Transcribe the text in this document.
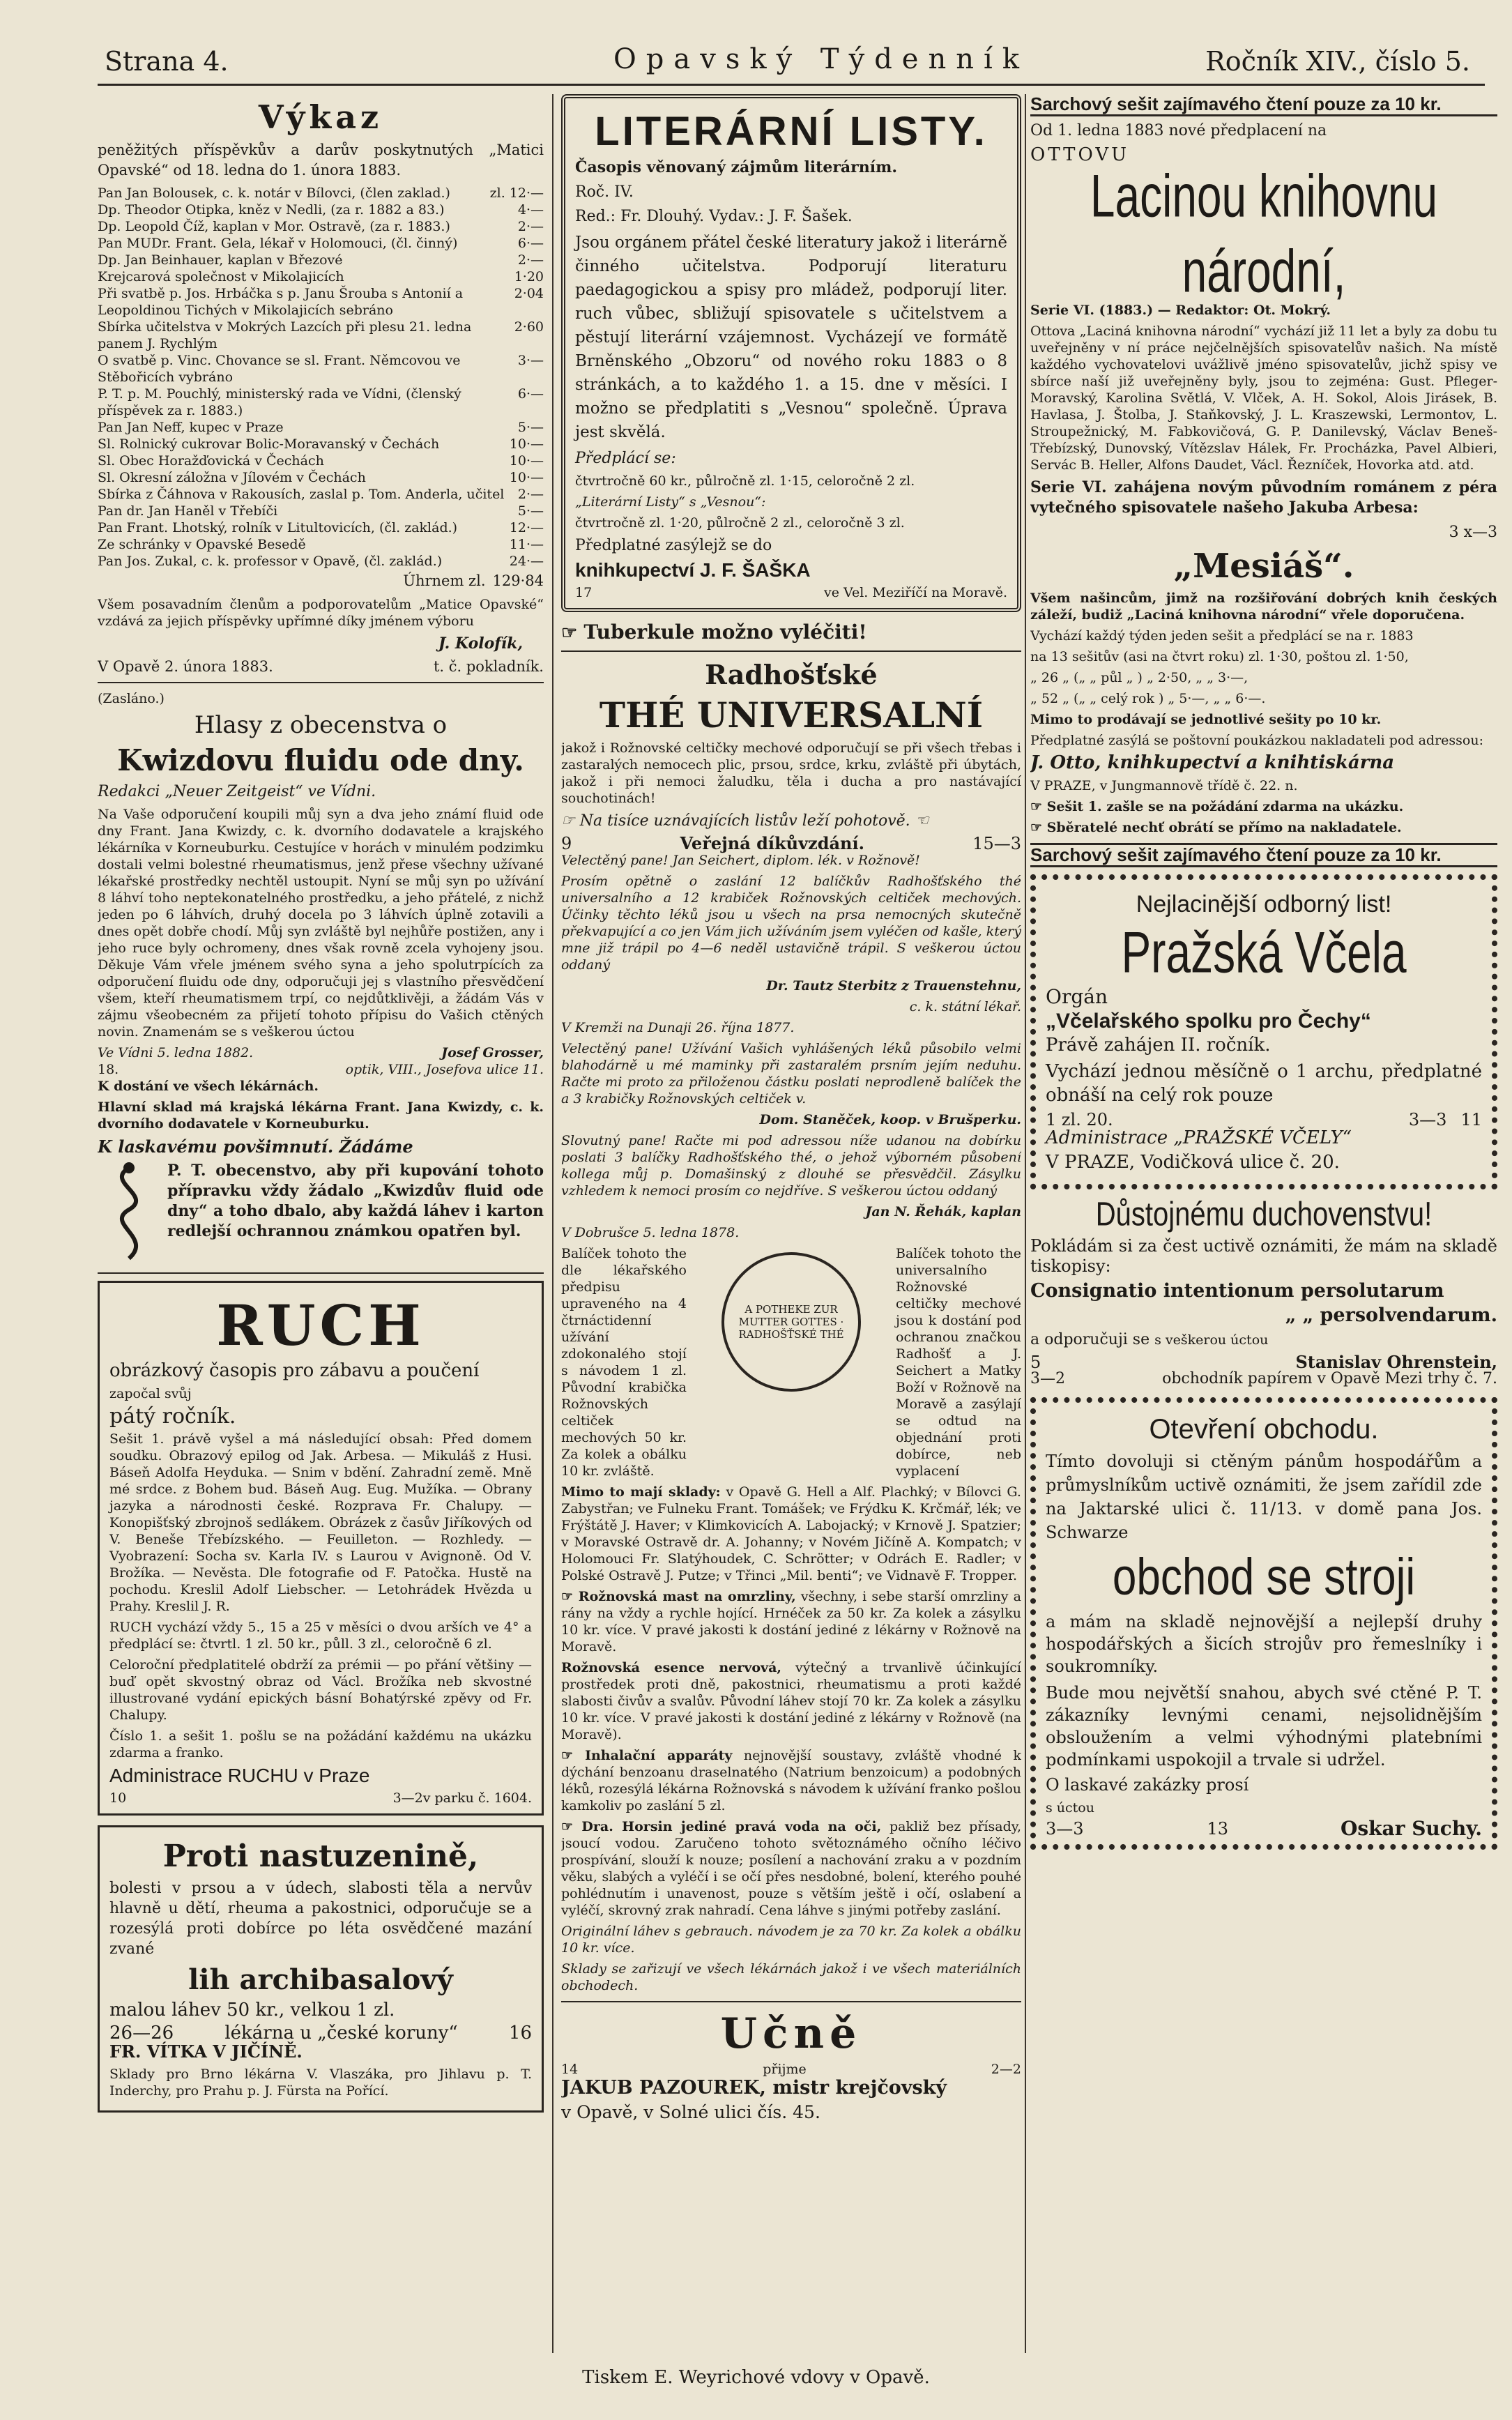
Strana 4.	Opavský Týdenník	Ročník XIV., číslo 5.
Výkaz
peněžitých příspěvkův a darův poskytnutých „Matici Opavské“ od 18. ledna do 1. února 1883.
Pan Jan Bolousek, c. k. notár v Bílovci, (člen zaklad.)	zl. 12·—
Dp. Theodor Otipka, kněz v Nedli, (za r. 1882 a 83.)	4·—
Dp. Leopold Číž, kaplan v Mor. Ostravě, (za r. 1883.)	2·—
Pan MUDr. Frant. Gela, lékař v Holomouci, (čl. činný)	6·—
Dp. Jan Beinhauer, kaplan v Březové	2·—
Krejcarová společnost v Mikolajicích	1·20
Při svatbě p. Jos. Hrbáčka s p. Janu Šrouba s Antonií a Leopoldinou Tichých v Mikolajicích sebráno
2·04
Sbírka učitelstva v Mokrých Lazcích při plesu 21. ledna panem J. Rychlým
2·60
O svatbě p. Vinc. Chovance se sl. Frant. Němcovou ve Stěbořicích vybráno
3·—
P. T. p. M. Pouchlý, ministerský rada ve Vídni, (členský příspěvek za r. 1883.)
6·—
Pan Jan Neff, kupec v Praze	5·—
Sl. Rolnický cukrovar Bolic-Moravanský v Čechách	10·—
Sl. Obec Horažďovická v Čechách	10·—
Sl. Okresní záložna v Jílovém v Čechách	10·—
Sbírka z Čáhnova v Rakousích, zaslal p. Tom. Anderla, učitel	2·—
Pan dr. Jan Haněl v Třebíči	5·—
Pan Frant. Lhotský, rolník v Litultovicích, (čl. zaklád.)	12·—
Ze schránky v Opavské Besedě	11·—
Pan Jos. Zukal, c. k. professor v Opavě, (čl. zaklád.)	24·—
Úhrnem zl. 129·84
Všem posavadním členům a podporovatelům „Matice Opavské“ vzdává za jejich příspěvky upřímné díky jménem výboru
J. Kolofík,
V Opavě 2. února 1883.	t. č. pokladník.
(Zasláno.)
Hlasy z obecenstva o
Kwizdovu fluidu ode dny.
Redakci „Neuer Zeitgeist“ ve Vídni.
Na Vaše odporučení koupili můj syn a dva jeho známí fluid ode dny Frant. Jana Kwizdy, c. k. dvorního dodavatele a krajského lékárníka v Korneuburku. Cestujíce v horách v minulém podzimku dostali velmi bolestné rheumatismus, jenž přese všechny užívané lékařské prostředky nechtěl ustoupit. Nyní se můj syn po užívání 8 láhví toho neptekonatelného prostředku, a jeho přátelé, z nichž jeden po 6 láhvích, druhý docela po 3 láhvích úplně zotavili a dnes opět dobře chodí. Můj syn zvláště byl nejhůře postižen, any i jeho ruce byly ochromeny, dnes však rovně zcela vyhojeny jsou. Děkuje Vám vřele jménem svého syna a jeho spolutrpících za odporučení fluidu ode dny, odporučuji jej s vlastního přesvědčení všem, kteří rheumatismem trpí, co nejdůtklivěji, a žádám Vás v zájmu všeobecném za přijetí tohoto přípisu do Vašich ctěných novin. Znamenám se s veškerou úctou
Ve Vídni 5. ledna 1882.	Josef Grosser,
18.	optik, VIII., Josefova ulice 11.
K dostání ve všech lékárnách.
Hlavní sklad má krajská lékárna Frant. Jana Kwizdy, c. k. dvorního dodavatele v Korneuburku.
K laskavému povšimnutí. Žádáme
P. T. obecenstvo, aby při kupování tohoto přípravku vždy žádalo „Kwizdův fluid ode dny“ a toho dbalo, aby každá láhev i karton redlejší ochrannou známkou opatřen byl.
RUCH
obrázkový časopis pro zábavu a poučení
započal svůj
pátý ročník.
Sešit 1. právě vyšel a má následující obsah: Před domem soudku. Obrazový epilog od Jak. Arbesa. — Mikuláš z Husi. Báseň Adolfa Heyduka. — Snim v bdění. Zahradní země. Mně mé srdce. z Bohem bud. Báseň Aug. Eug. Mužíka. — Obrany jazyka a národnosti české. Rozprava Fr. Chalupy. — Konopišťský zbrojnoš sedlákem. Obrázek z časův Jiříkových od V. Beneše Třebízského. — Feuilleton. — Rozhledy. — Vyobrazení: Socha sv. Karla IV. s Laurou v Avignoně. Od V. Brožíka. — Nevěsta. Dle fotografie od F. Patočka. Hustě na pochodu. Kreslil Adolf Liebscher. — Letohrádek Hvězda u Prahy. Kreslil J. R.
RUCH vychází vždy 5., 15 a 25 v měsíci o dvou arších ve 4° a předplácí se: čtvrtl. 1 zl. 50 kr., půll. 3 zl., celoročně 6 zl.
Celoroční předplatitelé obdrží za prémii — po přání většiny — buď opět skvostný obraz od Václ. Brožíka neb skvostné illustrované vydání epických básní Bohatýrské zpěvy od Fr. Chalupy.
Číslo 1. a sešit 1. pošlu se na požádání každému na ukázku zdarma a franko.
Administrace RUCHU v Praze
10	3—2 v parku č. 1604.
Proti nastuzenině,
bolesti v prsou a v údech, slabosti těla a nervův hlavně u dětí, rheuma a pakostnici, odporučuje se a rozesýlá proti dobírce po léta osvědčené mazání zvané
lih archibasalový
malou láhev 50 kr., velkou 1 zl.
26—26	lékárna u „české koruny“	16
FR. VÍTKA V JIČÍNĚ.
Sklady pro Brno lékárna V. Vlaszáka, pro Jihlavu p. T. Inderchy, pro Prahu p. J. Fürsta na Pořící.
LITERÁRNÍ LISTY.
Časopis věnovaný zájmům literárním.
Roč. IV.
Red.: Fr. Dlouhý. Vydav.: J. F. Šašek.
Jsou orgánem přátel české literatury jakož i literárně činného učitelstva. Podporují literaturu paedagogickou a spisy pro mládež, podporují liter. ruch vůbec, sbližují spisovatele s učitelstvem a pěstují literární vzájemnost. Vycházejí ve formátě Brněnského „Obzoru“ od nového roku 1883 o 8 stránkách, a to každého 1. a 15. dne v měsíci. I možno se předplatiti s „Vesnou“ společně. Úprava jest skvělá.
Předplácí se:
čtvrtročně 60 kr., půlročně zl. 1·15, celoročně 2 zl.
„Literární Listy“ s „Vesnou“:
čtvrtročně zl. 1·20, půlročně 2 zl., celoročně 3 zl.
Předplatné zasýlejž se do
knihkupectví J. F. ŠAŠKA
17	ve Vel. Meziříčí na Moravě.
☞ Tuberkule možno vyléčiti!
Radhošťské
THÉ UNIVERSALNÍ
jakož i Rožnovské celtičky mechové odporučují se při všech třebas i zastaralých nemocech plic, prsou, srdce, krku, zvláště při úbytách, jakož i při nemoci žaludku, těla i ducha a pro nastávající souchotinách!
☞ Na tisíce uznávajících listův leží pohotově. ☜
9	Veřejná díkůvzdání.	15—3
Velectěný pane! Jan Seichert, diplom. lék. v Rožnově!
Prosím opětně o zaslání 12 balíčkův Radhošťského thé universalního a 12 krabiček Rožnovských celtiček mechových. Účinky těchto léků jsou u všech na prsa nemocných skutečně překvapující a co jen Vám jich užíváním jsem vyléčen od kašle, který mne již trápil po 4—6 neděl ustavičně trápil. S veškerou úctou oddaný
Dr. Tautz Sterbitz z Trauenstehnu,
c. k. státní lékař.
V Kremži na Dunaji 26. října 1877.
Velectěný pane! Užívání Vašich vyhlášených léků působilo velmi blahodárně u mé maminky při zastaralém prsním jejím neduhu. Račte mi proto za přiloženou částku poslati neprodleně balíček the a 3 krabičky Rožnovských celtiček v.
Dom. Staněček, koop. v Brušperku.
Slovutný pane! Račte mi pod adressou níže udanou na dobírku poslati 3 balíčky Radhošťského thé, o jehož výborném působení kollega můj p. Domašinský z dlouhé se přesvědčil. Zásylku vzhledem k nemoci prosím co nejdříve. S veškerou úctou oddaný
Jan N. Řehák, kaplan
V Dobrušce 5. ledna 1878.
Balíček tohoto the dle lékařského předpisu upraveného na 4 čtrnáctidenní užívání zdokonalého stojí s návodem 1 zl. Původní krabička Rožnovských celtiček mechových 50 kr. Za kolek a obálku 10 kr. zvláště.
A POTHEKE ZUR MUTTER GOTTES · RADHOŠŤSKÉ THÉ
Balíček tohoto the universalního Rožnovské celtičky mechové jsou k dostání pod ochranou značkou Radhošť a J. Seichert a Matky Boží v Rožnově na Moravě a zasýlají se odtud na objednání proti dobírce, neb vyplacení
Mimo to mají sklady: v Opavě G. Hell a Alf. Plachký; v Bílovci G. Zabystřan; ve Fulneku Frant. Tomášek; ve Frýdku K. Krčmář, lék; ve Frýštátě J. Haver; v Klimkovicích A. Labojacký; v Krnově J. Spatzier; v Moravské Ostravě dr. A. Johanny; v Novém Jičíně A. Kompatch; v Holomouci Fr. Slatýhoudek, C. Schrötter; v Odrách E. Radler; v Polské Ostravě J. Putze; v Třinci „Mil. benti“; ve Vidnavě F. Tropper.
☞ Rožnovská mast na omrzliny, všechny, i sebe starší omrzliny a rány na vždy a rychle hojící. Hrnéček za 50 kr. Za kolek a zásylku 10 kr. více. V pravé jakosti k dostání jediné z lékárny v Rožnově na Moravě.
Rožnovská esence nervová, výtečný a trvanlivě účinkující prostředek proti dně, pakostnici, rheumatismu a proti každé slabosti čivův a svalův. Původní láhev stojí 70 kr. Za kolek a zásylku 10 kr. více. V pravé jakosti k dostání jediné z lékárny v Rožnově (na Moravě).
☞ Inhalační apparáty nejnovější soustavy, zvláště vhodné k dýchání benzoanu draselnatého (Natrium benzoicum) a podobných léků, rozesýlá lékárna Rožnovská s návodem k užívání franko pošlou kamkoliv po zaslání 5 zl.
☞ Dra. Horsin jediné pravá voda na oči, pakliž bez přísady, jsoucí vodou. Zaručeno tohoto světoznámého očního léčivo prospívání, slouží k nouze; posílení a nachování zraku a v pozdním věku, slabých a vyléčí i se očí přes nesdobné, bolení, kterého pouhé pohlédnutím i unavenost, pouze s větším ještě i očí, oslabení a vyléčí, skrovný zrak nahradí. Cena láhve s jinými potřeby zaslání.
Originální láhev s gebrauch. návodem je za 70 kr. Za kolek a obálku 10 kr. více.
Sklady se zařizují ve všech lékárnách jakož i ve všech materiálních obchodech.
Učně
14	přijme	2—2
JAKUB PAZOUREK, mistr krejčovský
v Opavě, v Solné ulici čís. 45.
Sarchový sešit zajímavého čtení pouze za 10 kr.
Od 1. ledna 1883 nové předplacení na
OTTOVU
Lacinou knihovnu národní,
Serie VI. (1883.) — Redaktor: Ot. Mokrý.
Ottova „Laciná knihovna národní“ vychází již 11 let a byly za dobu tu uveřejněny v ní práce nejčelnějších spisovatelův našich. Na místě každého vychovatelovi uvážlivě jméno spisovatelův, jichž spisy ve sbírce naší již uveřejněny byly, jsou to zejména: Gust. Pfleger-Moravský, Karolina Světlá, V. Vlček, A. H. Sokol, Alois Jirásek, B. Havlasa, J. Štolba, J. Staňkovský, J. L. Kraszewski, Lermontov, L. Stroupežnický, M. Fabkovičová, G. P. Danilevský, Václav Beneš-Třebízský, Dunovský, Vítězslav Hálek, Fr. Procházka, Pavel Albieri, Servác B. Heller, Alfons Daudet, Václ. Řezníček, Hovorka atd. atd.
Serie VI. zahájena novým původním románem z péra vytečného spisovatele našeho Jakuba Arbesa:
3 x—3
„Mesiáš“.
Všem našincům, jimž na rozšiřování dobrých knih českých záleží, budiž „Laciná knihovna národní“ vřele doporučena.
Vychází každý týden jeden sešit a předplácí se na r. 1883
na 13 sešitův (asi na čtvrt roku) zl. 1·30, poštou zl. 1·50,
„ 26 „ („ „ půl „ ) „ 2·50, „ „ 3·—,
„ 52 „ („ „ celý rok ) „ 5·—, „ „ 6·—.
Mimo to prodávají se jednotlivé sešity po 10 kr.
Předplatné zasýlá se poštovní poukázkou nakladateli pod adressou:
J. Otto, knihkupectví a knihtiskárna
V PRAZE, v Jungmannově třídě č. 22. n.
☞ Sešit 1. zašle se na požádání zdarma na ukázku.
☞ Sběratelé nechť obrátí se přímo na nakladatele.
Sarchový sešit zajímavého čtení pouze za 10 kr.
Nejlacinější odborný list!
Pražská Včela
Orgán
„Včelařského spolku pro Čechy“
Právě zahájen II. ročník.
Vychází jednou měsíčně o 1 archu, předplatné obnáší na celý rok pouze
1 zl. 20.	3—3 11
Administrace „PRAŽSKÉ VČELY“
V PRAZE, Vodičková ulice č. 20.
Důstojnému duchovenstvu!
Pokládám si za čest uctivě oznámiti, že mám na skladě tiskopisy:
Consignatio intentionum persolutarum
„ „ persolvendarum.
a odporučuji se s veškerou úctou
5	Stanislav Ohrenstein,
3—2	obchodník papírem v Opavě Mezi trhy č. 7.
Otevření obchodu.
Tímto dovoluji si ctěným pánům hospodářům a průmyslníkům uctivě oznámiti, že jsem zařídil zde na Jaktarské ulici č. 11/13. v domě pana Jos. Schwarze
obchod se stroji
a mám na skladě nejnovější a nejlepší druhy hospodářských a šicích strojův pro řemeslníky i soukromníky.
Bude mou největší snahou, abych své ctěné P. T. zákazníky levnými cenami, nejsolidnějším obsloužením a velmi výhodnými platebními podmínkami uspokojil a trvale si udržel.
O laskavé zakázky prosí
s úctou
3—3	13	Oskar Suchy.
Tiskem E. Weyrichové vdovy v Opavě.
